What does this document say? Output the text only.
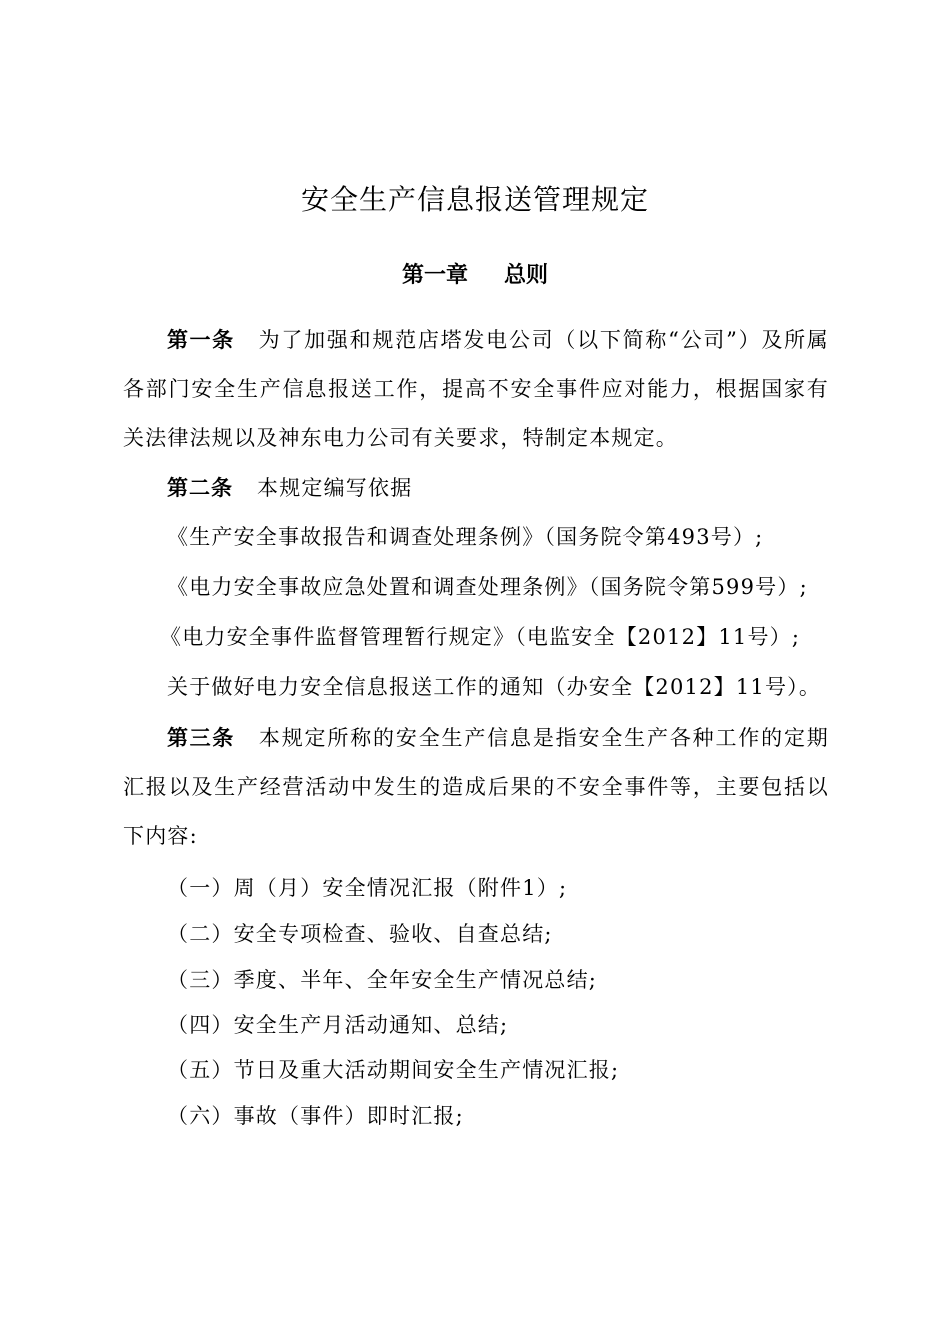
安全生产信息报送管理规定
第一章 总则
第一条 为了加强和规范店塔发电公司（以下简称“公司”）及所属各部门安全生产信息报送工作，提高不安全事件应对能力，根据国家有关法律法规以及神东电力公司有关要求，特制定本规定。
第二条 本规定编写依据
《生产安全事故报告和调查处理条例》（国务院令第493号）;
《电力安全事故应急处置和调查处理条例》（国务院令第599号）;
《电力安全事件监督管理暂行规定》（电监安全【2012】11号）;
关于做好电力安全信息报送工作的通知（办安全【2012】11号）。
第三条 本规定所称的安全生产信息是指安全生产各种工作的定期汇报以及生产经营活动中发生的造成后果的不安全事件等，主要包括以下内容:
（一）周（月）安全情况汇报（附件1）;
（二）安全专项检查、验收、自查总结;
（三）季度、半年、全年安全生产情况总结;
（四）安全生产月活动通知、总结;
（五）节日及重大活动期间安全生产情况汇报;
（六）事故（事件）即时汇报;
